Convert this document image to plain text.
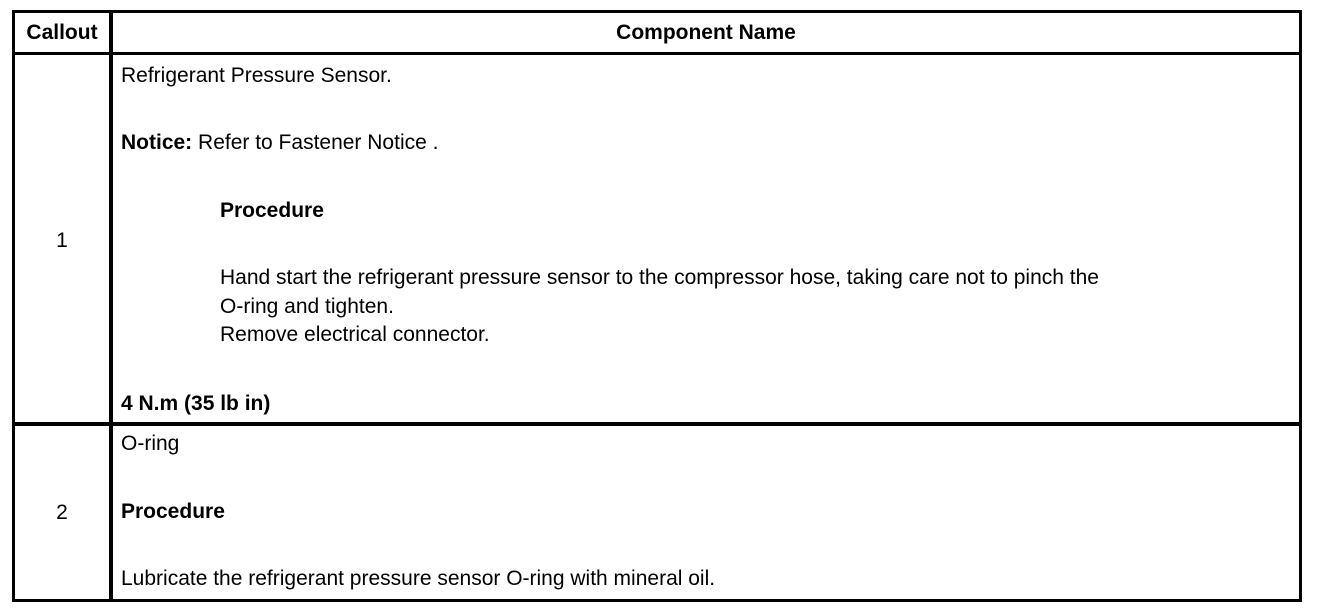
Callout	Component Name
1
Refrigerant Pressure Sensor.
Notice: Refer to Fastener Notice .
Procedure
Hand start the refrigerant pressure sensor to the compressor hose, taking care not to pinch the
O-ring and tighten.
Remove electrical connector.
4 N.m (35 lb in)
2
O-ring
Procedure
Lubricate the refrigerant pressure sensor O-ring with mineral oil.
